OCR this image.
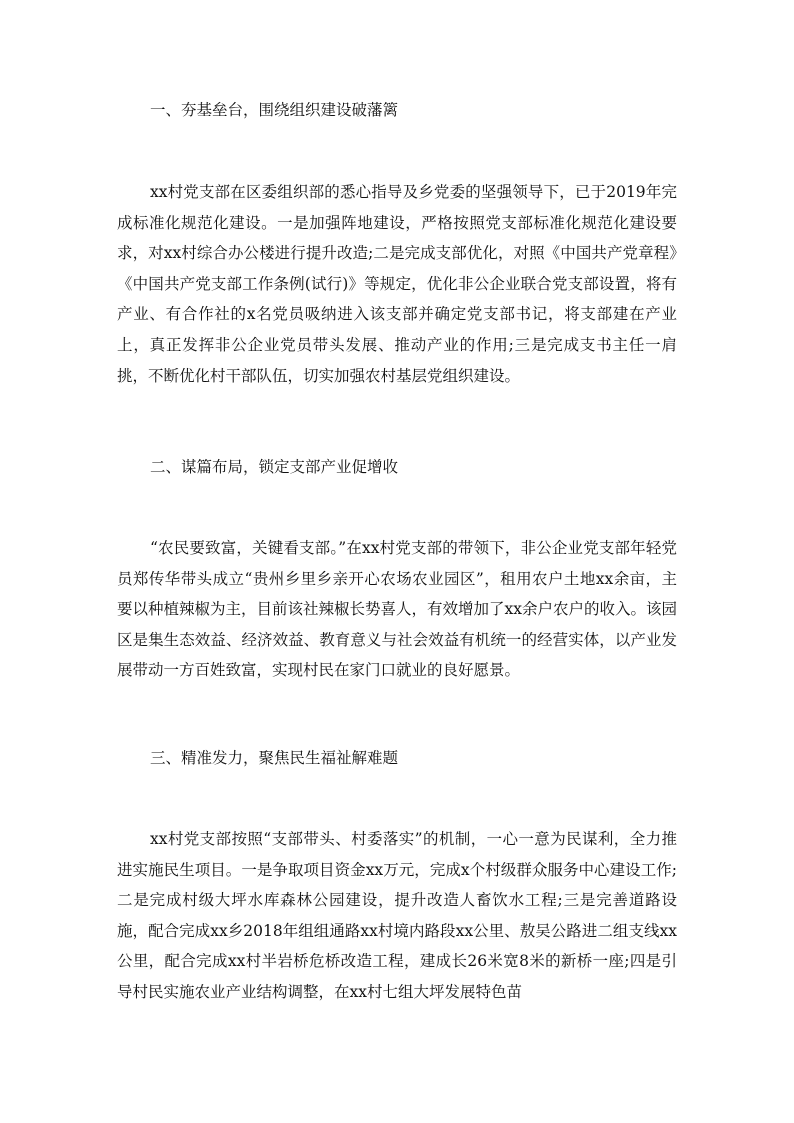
一、夯基垒台，围绕组织建设破藩篱

xx村党支部在区委组织部的悉心指导及乡党委的坚强领导下，已于2019年完成标准化规范化建设。一是加强阵地建设，严格按照党支部标准化规范化建设要求，对xx村综合办公楼进行提升改造;二是完成支部优化，对照《中国共产党章程》《中国共产党支部工作条例(试行)》等规定，优化非公企业联合党支部设置，将有产业、有合作社的x名党员吸纳进入该支部并确定党支部书记，将支部建在产业上，真正发挥非公企业党员带头发展、推动产业的作用;三是完成支书主任一肩挑，不断优化村干部队伍，切实加强农村基层党组织建设。

二、谋篇布局，锁定支部产业促增收

“农民要致富，关键看支部。”在xx村党支部的带领下，非公企业党支部年轻党员郑传华带头成立“贵州乡里乡亲开心农场农业园区”，租用农户土地xx余亩，主要以种植辣椒为主，目前该社辣椒长势喜人，有效增加了xx余户农户的收入。该园区是集生态效益、经济效益、教育意义与社会效益有机统一的经营实体，以产业发展带动一方百姓致富，实现村民在家门口就业的良好愿景。

三、精准发力，聚焦民生福祉解难题

xx村党支部按照“支部带头、村委落实”的机制，一心一意为民谋利，全力推进实施民生项目。一是争取项目资金xx万元，完成x个村级群众服务中心建设工作;二是完成村级大坪水库森林公园建设，提升改造人畜饮水工程;三是完善道路设施，配合完成xx乡2018年组组通路xx村境内路段xx公里、敖吴公路进二组支线xx公里，配合完成xx村半岩桥危桥改造工程，建成长26米宽8米的新桥一座;四是引导村民实施农业产业结构调整，在xx村七组大坪发展特色苗
